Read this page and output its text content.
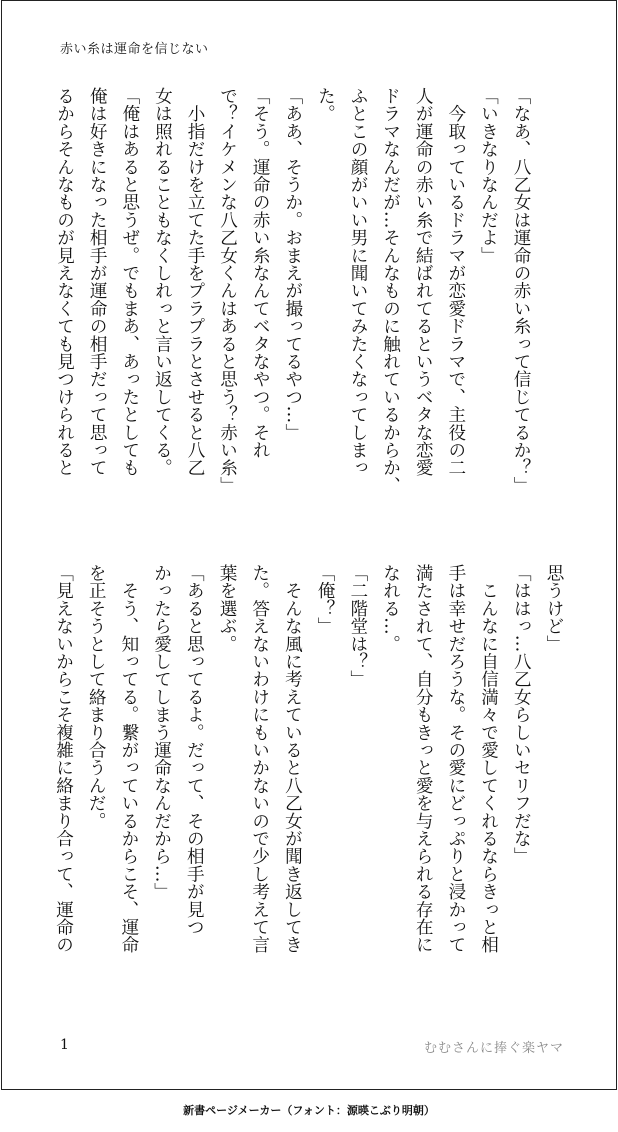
赤い糸は運命を信じない
「なあ、八乙女は運命の赤い糸って信じてるか？」
「いきなりなんだよ」
　今取っているドラマが恋愛ドラマで、主役の二
人が運命の赤い糸で結ばれてるというベタな恋愛
ドラマなんだが…そんなものに触れているからか、
ふとこの顔がいい男に聞いてみたくなってしまっ
た。
「ああ、そうか。おまえが撮ってるやつ…」
「そう。運命の赤い糸なんてベタなやつ。それ
で？イケメンな八乙女くんはあると思う？赤い糸」
　小指だけを立てた手をプラプラとさせると八乙
女は照れることもなくしれっと言い返してくる。
「俺はあると思うぜ。でもまあ、あったとしても
俺は好きになった相手が運命の相手だって思って
るからそんなものが見えなくても見つけられると
思うけど」
「ははっ…八乙女らしいセリフだな」
　こんなに自信満々で愛してくれるならきっと相
手は幸せだろうな。その愛にどっぷりと浸かって
満たされて、自分もきっと愛を与えられる存在に
なれる…。
「二階堂は？」
「俺？」
　そんな風に考えていると八乙女が聞き返してき
た。答えないわけにもいかないので少し考えて言
葉を選ぶ。
「あると思ってるよ。だって、その相手が見つ
かったら愛してしまう運命なんだから…」
　そう、知ってる。繋がっているからこそ、運命
を正そうとして絡まり合うんだ。
「見えないからこそ複雑に絡まり合って、運命の
1	むむさんに捧ぐ楽ヤマ
新書ページメーカー（フォント：源暎こぶり明朝）
